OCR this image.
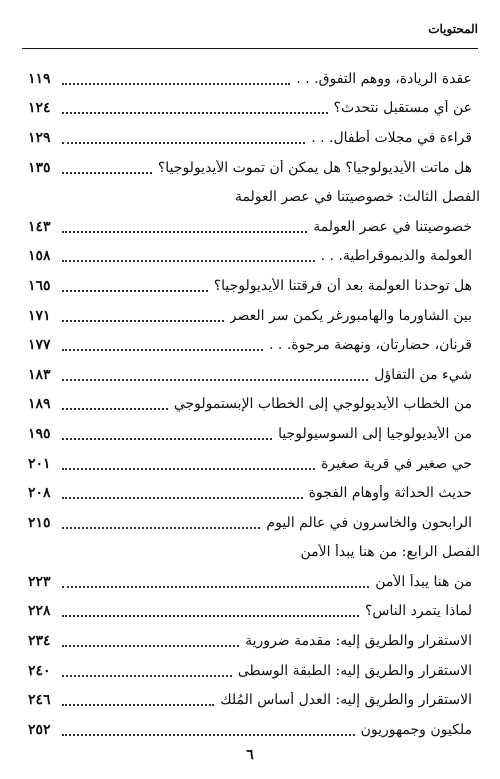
المحتويات
عقدة الريادة، ووهم التفوق. . .
١١٩
عن أي مستقبل نتحدث؟
١٢٤
قراءة في مجلات أطفال. . .
١٢٩
هل ماتت الأيديولوجيا؟ هل يمكن أن تموت الأيديولوجيا؟
١٣٥
الفصل الثالث: خصوصيتنا في عصر العولمة
خصوصيتنا في عصر العولمة
١٤٣
العولمة والديموقراطية. . .
١٥٨
هل توحدنا العولمة بعد أن فرقتنا الأيديولوجيا؟
١٦٥
بين الشاورما والهامبورغر يكمن سر العصر
١٧١
قرنان، حضارتان، ونهضة مرجوة. . .
١٧٧
شيء من التفاؤل
١٨٣
من الخطاب الأيديولوجي إلى الخطاب الإبستمولوجي
١٨٩
من الأيديولوجيا إلى السوسيولوجيا
١٩٥
حي صغير في قرية صغيرة
٢٠١
حديث الحداثة وأوهام الفجوة
٢٠٨
الرابحون والخاسرون في عالم اليوم
٢١٥
الفصل الرابع: من هنا يبدأ الأمن
من هنا يبدأ الأمن
٢٢٣
لماذا يتمرد الناس؟
٢٢٨
الاستقرار والطريق إليه: مقدمة ضرورية
٢٣٤
الاستقرار والطريق إليه: الطبقة الوسطى
٢٤٠
الاستقرار والطريق إليه: العدل أساس المُلك
٢٤٦
ملكيون وجمهوريون
٢٥٢
٦
